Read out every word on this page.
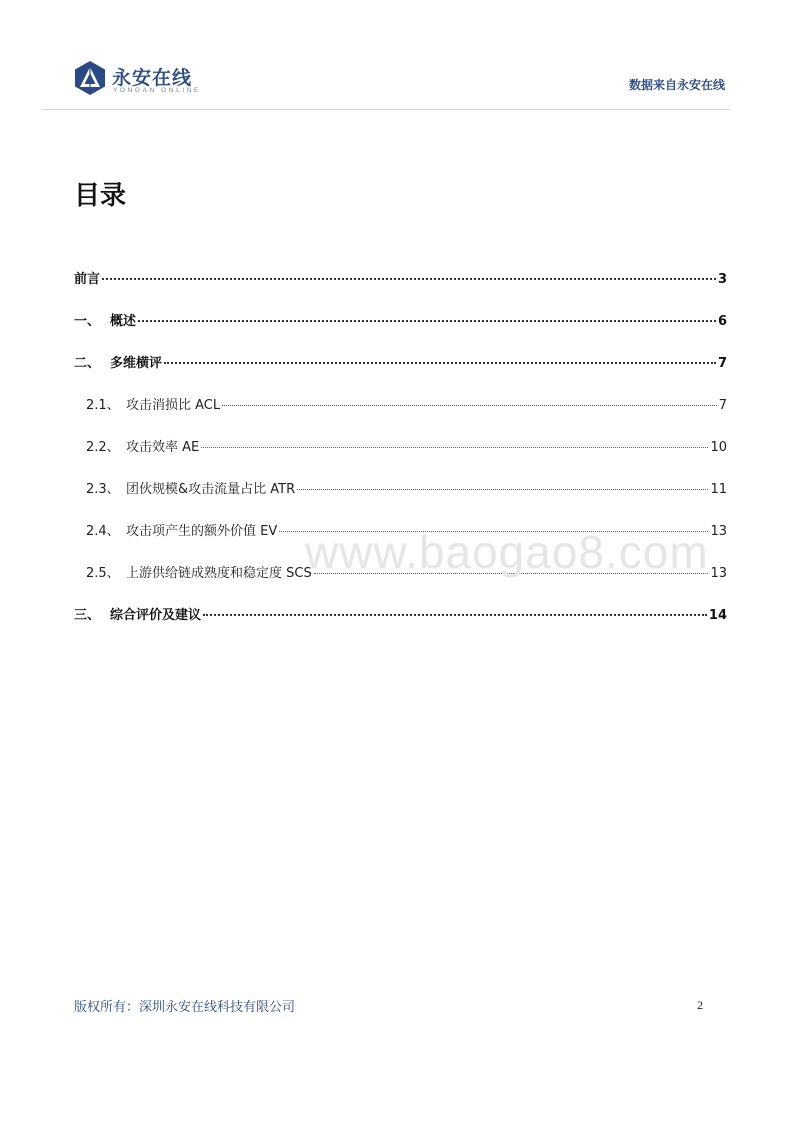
永安在线
YONGAN ONLINE	数据来自永安在线
目录
前言	3
一、 概述	6
二、 多维横评	7
2.1、 攻击消损比 ACL	7
2.2、 攻击效率 AE	10
2.3、 团伙规模&攻击流量占比 ATR	11
2.4、 攻击项产生的额外价值 EV	13
2.5、 上游供给链成熟度和稳定度 SCS	13
三、 综合评价及建议	14
www.baogao8.com
版权所有：深圳永安在线科技有限公司	2
